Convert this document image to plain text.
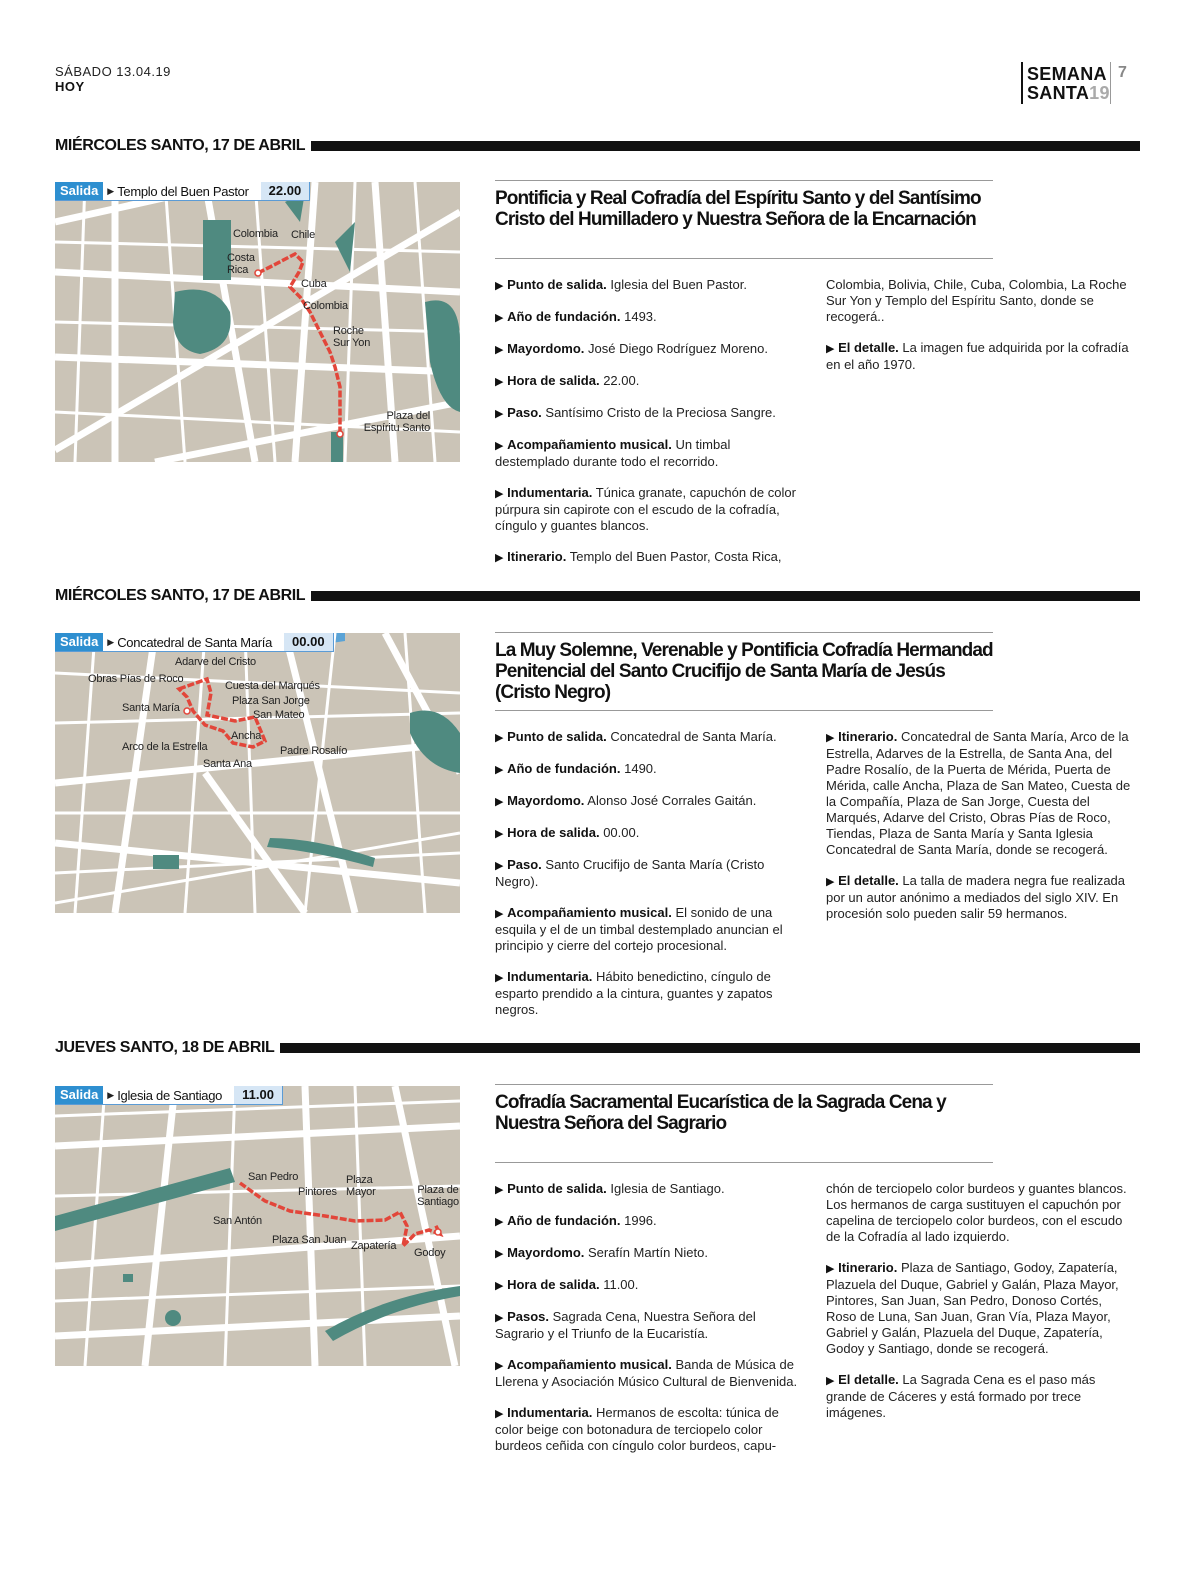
SÁBADO 13.04.19
HOY
SEMANA
SANTA19
7
MIÉRCOLES SANTO, 17 DE ABRIL
Salida	▶ Templo del Buen Pastor	22.00
Colombia Chile
Costa Rica
Cuba
Colombia
Roche Sur Yon
Plaza del Espíritu Santo
Pontificia y Real Cofradía del Espíritu Santo y del Santísimo Cristo del Humilladero y Nuestra Señora de la Encarnación

▶ Punto de salida. Iglesia del Buen Pastor.

▶ Año de fundación. 1493.

▶ Mayordomo. José Diego Rodríguez Moreno.

▶ Hora de salida. 22.00.

▶ Paso. Santísimo Cristo de la Preciosa Sangre.

▶ Acompañamiento musical. Un timbal destemplado durante todo el recorrido.

▶ Indumentaria. Túnica granate, capuchón de color púrpura sin capirote con el escudo de la cofradía, cíngulo y guantes blancos.

▶ Itinerario. Templo del Buen Pastor, Costa Rica,

Colombia, Bolivia, Chile, Cuba, Colombia, La Roche Sur Yon y Templo del Espíritu Santo, donde se recogerá..

▶ El detalle. La imagen fue adquirida por la cofradía en el año 1970.

MIÉRCOLES SANTO, 17 DE ABRIL
Salida	▶ Concatedral de Santa María	00.00
Adarve del Cristo
Obras Pías de Roco
Cuesta del Marqués
Plaza San Jorge
Santa María
San Mateo
Ancha
Arco de la Estrella	Padre Rosalío
Santa Ana
La Muy Solemne, Verenable y Pontificia Cofradía Hermandad Penitencial del Santo Crucifijo de Santa María de Jesús (Cristo Negro)

▶ Punto de salida. Concatedral de Santa María.

▶ Año de fundación. 1490.

▶ Mayordomo. Alonso José Corrales Gaitán.

▶ Hora de salida. 00.00.

▶ Paso. Santo Crucifijo de Santa María (Cristo Negro).

▶ Acompañamiento musical. El sonido de una esquila y el de un timbal destemplado anuncian el principio y cierre del cortejo procesional.

▶ Indumentaria. Hábito benedictino, cíngulo de esparto prendido a la cintura, guantes y zapatos negros.

▶ Itinerario. Concatedral de Santa María, Arco de la Estrella, Adarves de la Estrella, de Santa Ana, del Padre Rosalío, de la Puerta de Mérida, Puerta de Mérida, calle Ancha, Plaza de San Mateo, Cuesta de la Compañía, Plaza de San Jorge, Cuesta del Marqués, Adarve del Cristo, Obras Pías de Roco, Tiendas, Plaza de Santa María y Santa Iglesia Concatedral de Santa María, donde se recogerá.

▶ El detalle. La talla de madera negra fue realizada por un autor anónimo a mediados del siglo XIV. En procesión solo pueden salir 59 hermanos.

JUEVES SANTO, 18 DE ABRIL
Salida	▶ Iglesia de Santiago	11.00
San Pedro	Plaza Mayor
Pintores	Plaza de Santiago
San Antón
Plaza San Juan Zapatería
Godoy
Cofradía Sacramental Eucarística de la Sagrada Cena y Nuestra Señora del Sagrario

▶ Punto de salida. Iglesia de Santiago.

▶ Año de fundación. 1996.

▶ Mayordomo. Serafín Martín Nieto.

▶ Hora de salida. 11.00.

▶ Pasos. Sagrada Cena, Nuestra Señora del Sagrario y el Triunfo de la Eucaristía.

▶ Acompañamiento musical. Banda de Música de Llerena y Asociación Músico Cultural de Bienvenida.

▶ Indumentaria. Hermanos de escolta: túnica de color beige con botonadura de terciopelo color burdeos ceñida con cíngulo color burdeos, capu-

chón de terciopelo color burdeos y guantes blancos. Los hermanos de carga sustituyen el capuchón por capelina de terciopelo color burdeos, con el escudo de la Cofradía al lado izquierdo.

▶ Itinerario. Plaza de Santiago, Godoy, Zapatería, Plazuela del Duque, Gabriel y Galán, Plaza Mayor, Pintores, San Juan, San Pedro, Donoso Cortés, Roso de Luna, San Juan, Gran Vía, Plaza Mayor, Gabriel y Galán, Plazuela del Duque, Zapatería, Godoy y Santiago, donde se recogerá.

▶ El detalle. La Sagrada Cena es el paso más grande de Cáceres y está formado por trece imágenes.
